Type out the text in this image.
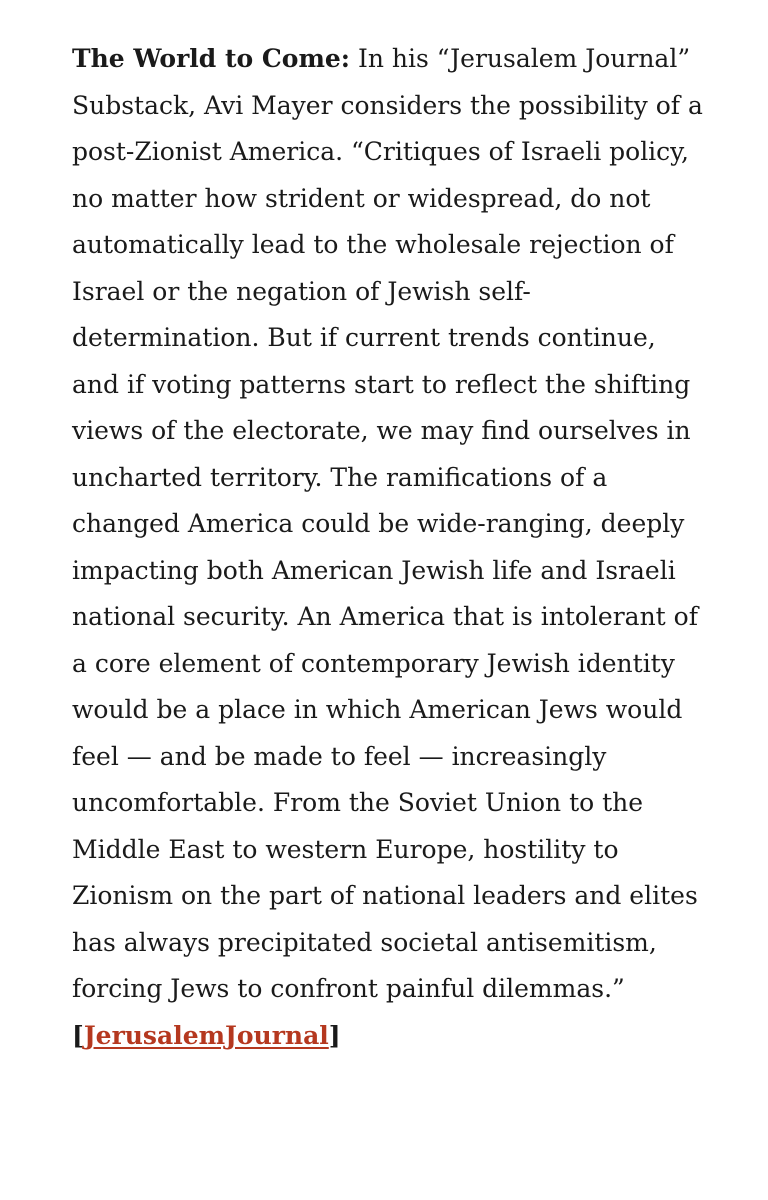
The World to Come: In his “Jerusalem Journal” Substack, Avi Mayer considers the possibility of a post-Zionist America. “Critiques of Israeli policy, no matter how strident or widespread, do not automatically lead to the wholesale rejection of Israel or the negation of Jewish self-determination. But if current trends continue, and if voting patterns start to reflect the shifting views of the electorate, we may find ourselves in uncharted territory. The ramifications of a changed America could be wide-ranging, deeply impacting both American Jewish life and Israeli national security. An America that is intolerant of a core element of contemporary Jewish identity would be a place in which American Jews would feel — and be made to feel — increasingly uncomfortable. From the Soviet Union to the Middle East to western Europe, hostility to Zionism on the part of national leaders and elites has always precipitated societal antisemitism, forcing Jews to confront painful dilemmas.” [JerusalemJournal]
